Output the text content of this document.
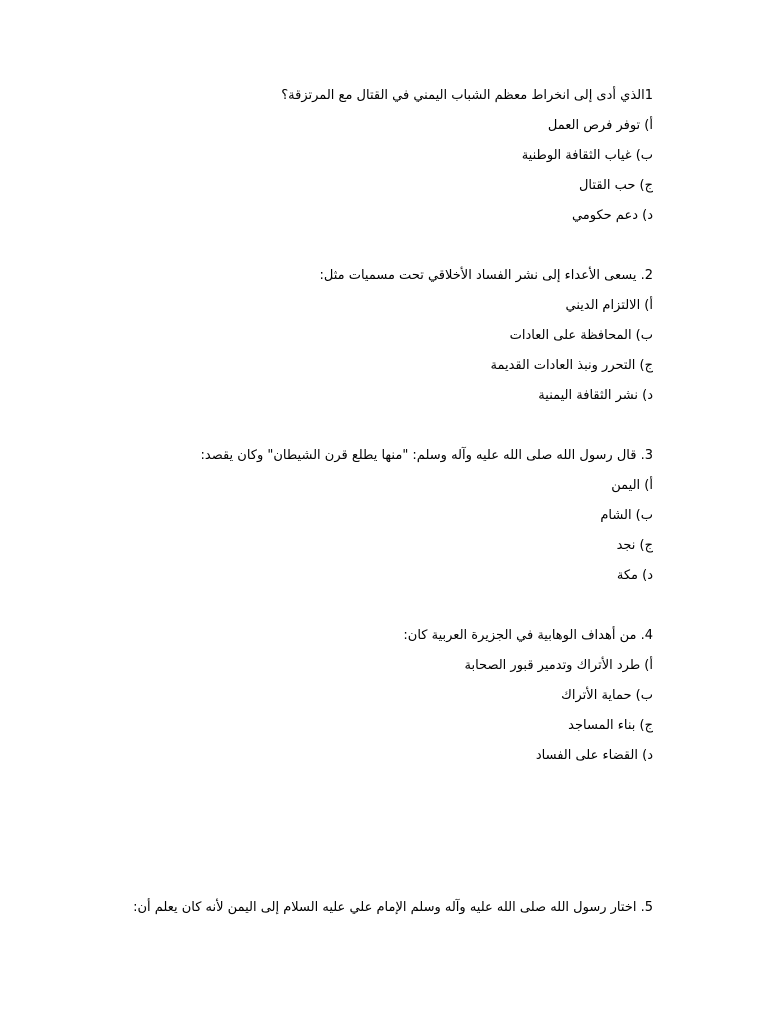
1الذي أدى إلى انخراط معظم الشباب اليمني في القتال مع المرتزقة؟
أ) توفر فرص العمل
ب) غياب الثقافة الوطنية
ج) حب القتال
د) دعم حكومي
2. يسعى الأعداء إلى نشر الفساد الأخلاقي تحت مسميات مثل:
أ) الالتزام الديني
ب) المحافظة على العادات
ج) التحرر ونبذ العادات القديمة
د) نشر الثقافة اليمنية
3. قال رسول الله صلى الله عليه وآله وسلم: "منها يطلع قرن الشيطان" وكان يقصد:
أ) اليمن
ب) الشام
ج) نجد
د) مكة
4. من أهداف الوهابية في الجزيرة العربية كان:
أ) طرد الأتراك وتدمير قبور الصحابة
ب) حماية الأتراك
ج) بناء المساجد
د) القضاء على الفساد
5. اختار رسول الله صلى الله عليه وآله وسلم الإمام علي عليه السلام إلى اليمن لأنه كان يعلم أن:
